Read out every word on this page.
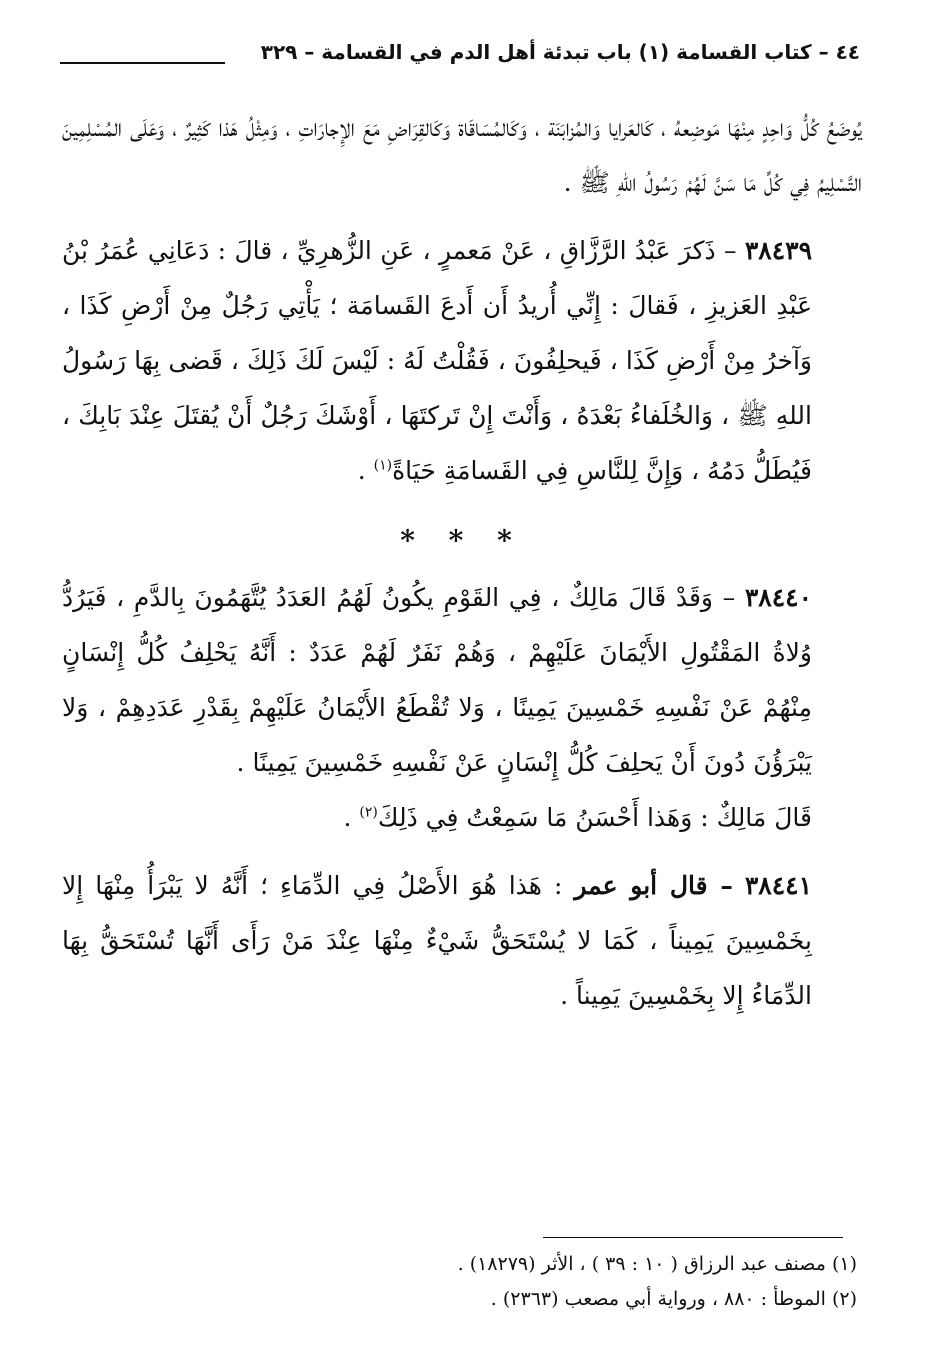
٤٤ – كتاب القسامة (١) باب تبدئة أهل الدم في القسامة – ٣٢٩

يُوضَعُ كُلُّ وَاحِدٍ مِنْهَا مَوضِعهُ ، كَالعَرايا وَالمُزابَنَة ، وَكَالمُسَاقَاة وَكَالقِرَاضِ مَعَ الإِجارَاتِ ، وَمِثْلُ هَذا كَثِيرٌ ، وَعَلَى المُسْلِمِينَ التَّسْلِيمُ فِي كُلِّ مَا سَنَّ لَهُمْ رَسُولُ اللهِ ﷺ .

٣٨٤٣٩ – ذَكرَ عَبْدُ الرَّزَّاقِ ، عَنْ مَعمرٍ ، عَنِ الزُّهرِيِّ ، قالَ : دَعَانِي عُمَرُ بْنُ عَبْدِ العَزيزِ ، فَقالَ : إِنِّي أُريدُ أَن أَدعَ القَسامَة ؛ يَأْتِي رَجُلٌ مِنْ أَرْضِ كَذَا ، وَآخرُ مِنْ أَرْضِ كَذَا ، فَيحلِفُونَ ، فَقُلْتُ لَهُ : لَيْسَ لَكَ ذَلِكَ ، قَضى بِهَا رَسُولُ اللهِ ﷺ ، وَالخُلَفاءُ بَعْدَهُ ، وَأَنْتَ إِنْ تَركتَهَا ، أَوْشَكَ رَجُلٌ أَنْ يُقتَلَ عِنْدَ بَابِكَ ، فَيُطَلُّ دَمُهُ ، وَإِنَّ لِلنَّاسِ فِي القَسامَةِ حَيَاةً$^{(١)}$ .

* * *

٣٨٤٤٠ – وَقَدْ قَالَ مَالِكٌ ، فِي القَوْمِ يكُونُ لَهُمُ العَدَدُ يُتَّهَمُونَ بِالدَّمِ ، فَيَرُدُّ وُلاةُ المَقْتُولِ الأَيْمَانَ عَلَيْهِمْ ، وَهُمْ نَفَرٌ لَهُمْ عَدَدٌ : أَنَّهُ يَحْلِفُ كُلُّ إِنْسَانٍ مِنْهُمْ عَنْ نَفْسِهِ خَمْسِينَ يَمِينًا ، وَلا تُقْطَعُ الأَيْمَانُ عَلَيْهِمْ بِقَدْرِ عَدَدِهِمْ ، وَلا يَبْرَؤُنَ دُونَ أَنْ يَحلِفَ كُلُّ إِنْسَانٍ عَنْ نَفْسِهِ خَمْسِينَ يَمِينًا .

قَالَ مَالِكٌ : وَهَذا أَحْسَنُ مَا سَمِعْتُ فِي ذَلِكَ$^{(٢)}$ .

٣٨٤٤١ – قال أبو عمر : هَذا هُوَ الأَصْلُ فِي الدِّمَاءِ ؛ أَنَّهُ لا يَبْرَأُ مِنْهَا إِلا بِخَمْسِينَ يَمِيناً ، كَمَا لا يُسْتَحَقُّ شَيْءٌ مِنْهَا عِنْدَ مَنْ رَأَى أَنَّهَا تُسْتَحَقُّ بِهَا الدِّمَاءُ إِلا بِخَمْسِينَ يَمِيناً .

(١) مصنف عبد الرزاق ( ١٠ : ٣٩ ) ، الأثر (١٨٢٧٩) .

(٢) الموطأ : ٨٨٠ ، ورواية أبي مصعب (٢٣٦٣) .
